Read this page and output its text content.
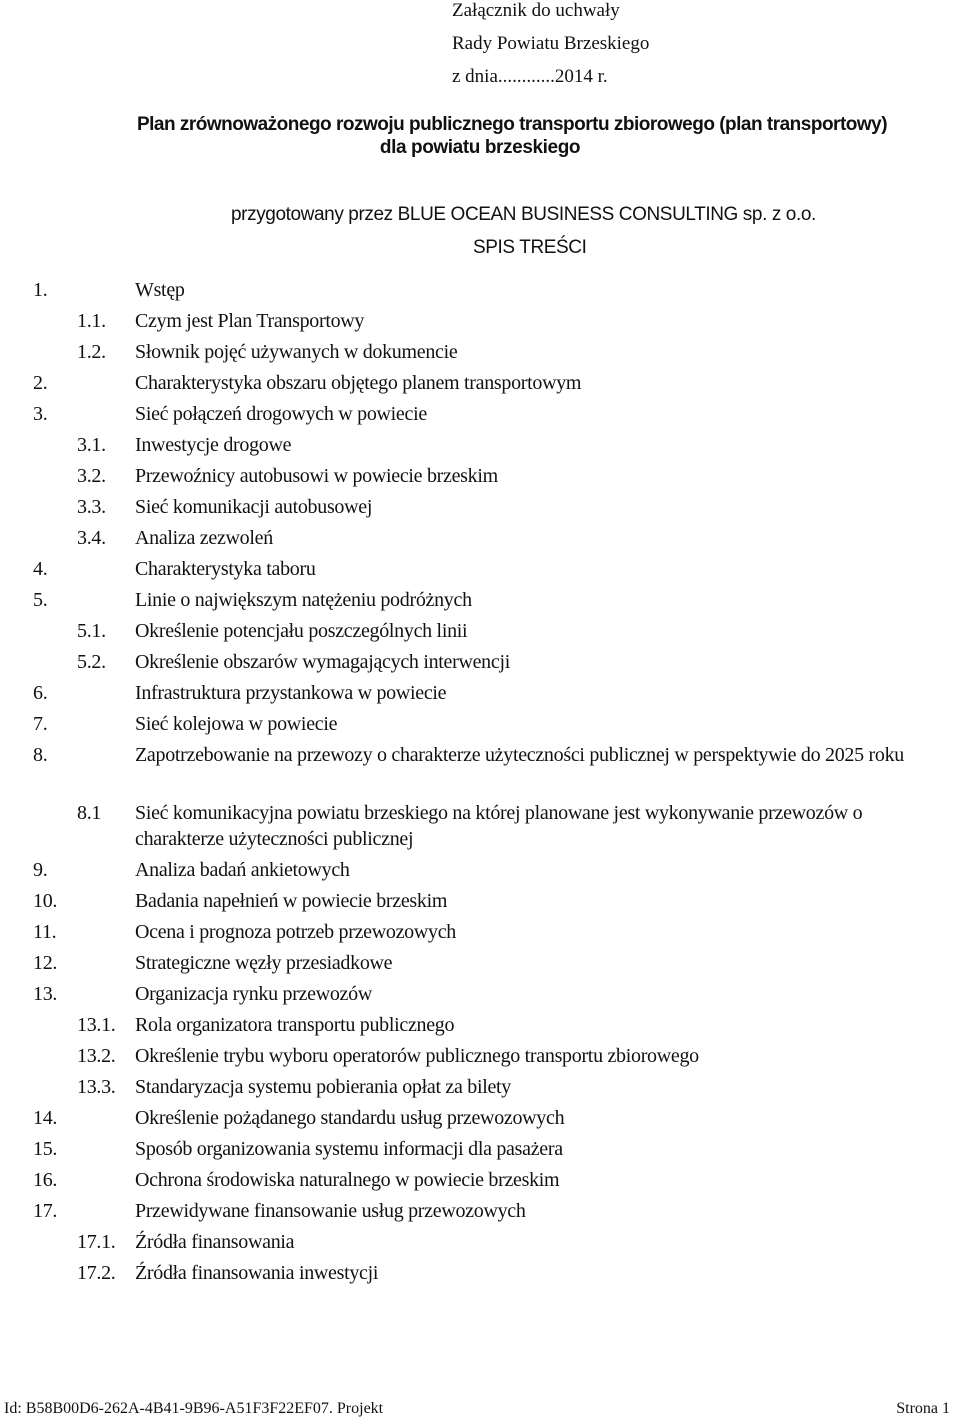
Załącznik do uchwały
Rady Powiatu Brzeskiego
z dnia............2014 r.
Plan zrównoważonego rozwoju publicznego transportu zbiorowego (plan transportowy)
dla powiatu brzeskiego
przygotowany przez BLUE OCEAN BUSINESS CONSULTING sp. z o.o.
SPIS TREŚCI
1.	Wstęp
1.1. Czym jest Plan Transportowy
1.2. Słownik pojęć używanych w dokumencie
2.	Charakterystyka obszaru objętego planem transportowym
3.	Sieć połączeń drogowych w powiecie
3.1. Inwestycje drogowe
3.2. Przewoźnicy autobusowi w powiecie brzeskim
3.3. Sieć komunikacji autobusowej
3.4. Analiza zezwoleń
4.	Charakterystyka taboru
5.	Linie o największym natężeniu podróżnych
5.1. Określenie potencjału poszczególnych linii
5.2. Określenie obszarów wymagających interwencji
6.	Infrastruktura przystankowa w powiecie
7.	Sieć kolejowa w powiecie
8.	Zapotrzebowanie na przewozy o charakterze użyteczności publicznej w perspektywie do 2025 roku
8.1 Sieć komunikacyjna powiatu brzeskiego na której planowane jest wykonywanie przewozów o charakterze użyteczności publicznej
9.	Analiza badań ankietowych
10.	Badania napełnień w powiecie brzeskim
11.	Ocena i prognoza potrzeb przewozowych
12.	Strategiczne węzły przesiadkowe
13.	Organizacja rynku przewozów
13.1. Rola organizatora transportu publicznego
13.2. Określenie trybu wyboru operatorów publicznego transportu zbiorowego
13.3. Standaryzacja systemu pobierania opłat za bilety
14.	Określenie pożądanego standardu usług przewozowych
15.	Sposób organizowania systemu informacji dla pasażera
16.	Ochrona środowiska naturalnego w powiecie brzeskim
17.	Przewidywane finansowanie usług przewozowych
17.1. Źródła finansowania
17.2. Źródła finansowania inwestycji
Id: B58B00D6-262A-4B41-9B96-A51F3F22EF07. Projekt	Strona 1
